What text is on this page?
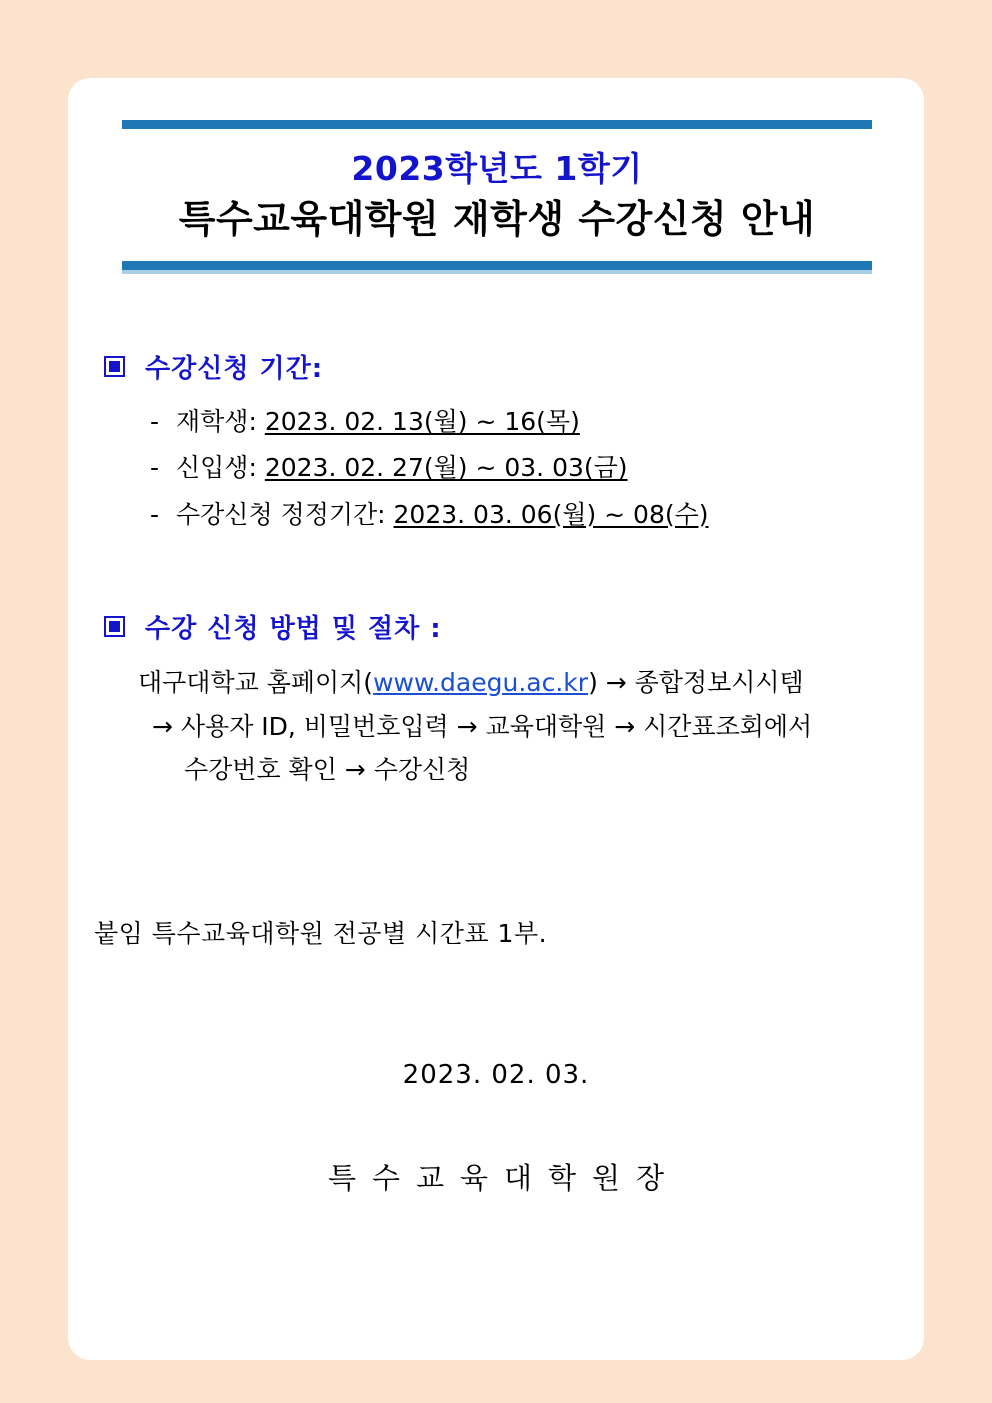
2023학년도 1학기
특수교육대학원 재학생 수강신청 안내
수강신청 기간:
- 재학생: 2023. 02. 13(월) ~ 16(목)
- 신입생: 2023. 02. 27(월) ~ 03. 03(금)
- 수강신청 정정기간: 2023. 03. 06(월) ~ 08(수)
수강 신청 방법 및 절차 :
대구대학교 홈페이지(www.daegu.ac.kr) → 종합정보시시템
→ 사용자 ID, 비밀번호입력 → 교육대학원 → 시간표조회에서
수강번호 확인 → 수강신청
붙임 특수교육대학원 전공별 시간표 1부.
2023. 02. 03.
특수교육대학원장
